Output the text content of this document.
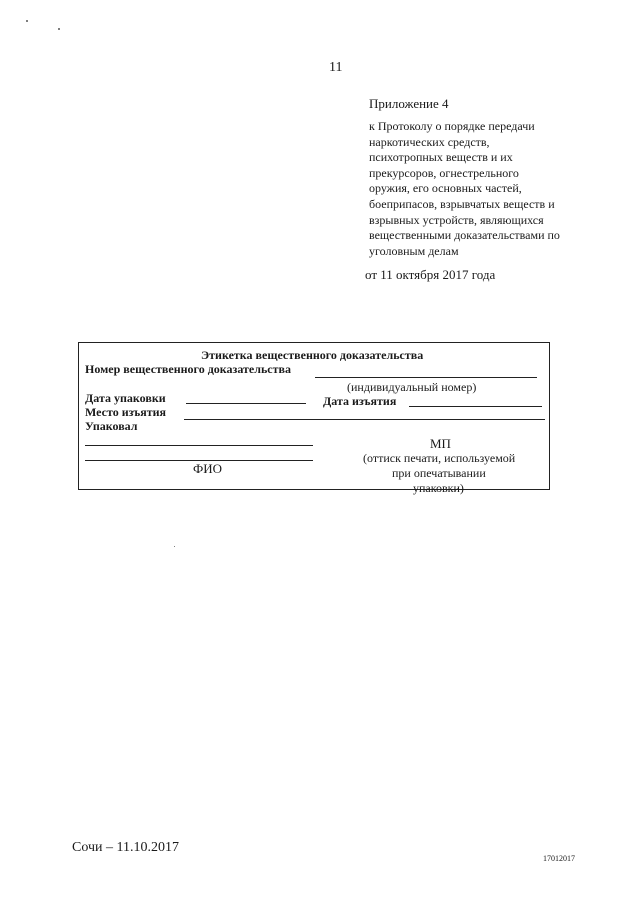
11
Приложение 4
к Протоколу о порядке передачи
наркотических средств,
психотропных веществ и их
прекурсоров, огнестрельного
оружия, его основных частей,
боеприпасов, взрывчатых веществ и
взрывных устройств, являющихся
вещественными доказательствами по
уголовным делам
от 11 октября 2017 года
Этикетка вещественного доказательства
Номер вещественного доказательства
(индивидуальный номер)
Дата упаковки	Дата изъятия
Место изъятия
Упаковал
ФИО
МП
(оттиск печати, используемой
при опечатывании
упаковки)
Сочи – 11.10.2017
17012017
